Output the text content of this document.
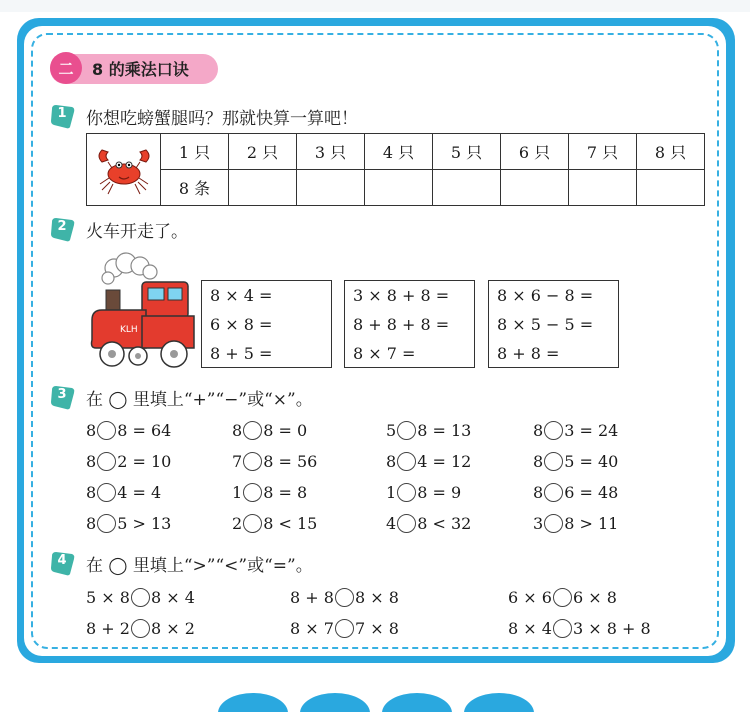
二	8 的乘法口诀
1	你想吃螃蟹腿吗？那就快算一算吧！
	1 只	2 只	3 只	4 只	5 只	6 只	7 只	8 只
	8 条							
2	火车开走了。
KLH
8 × 4 =
6 × 8 =
8 + 5 =
3 × 8 + 8 =
8 + 8 + 8 =
8 × 7 =
8 × 6 − 8 =
8 × 5 − 5 =
8 + 8 =
3	在 ◯ 里填上“+”“−”或“×”。
8 8 = 64	8 8 = 0	5 8 = 13	8 3 = 24
8 2 = 10	7 8 = 56	8 4 = 12	8 5 = 40
8 4 = 4	1 8 = 8	1 8 = 9	8 6 = 48
8 5 > 13	2 8 < 15	4 8 < 32	3 8 > 11
4	在 ◯ 里填上“>”“<”或“=”。
5 × 8 8 × 4	8 + 8 8 × 8	6 × 6 6 × 8
8 + 2 8 × 2	8 × 7 7 × 8	8 × 4 3 × 8 + 8
